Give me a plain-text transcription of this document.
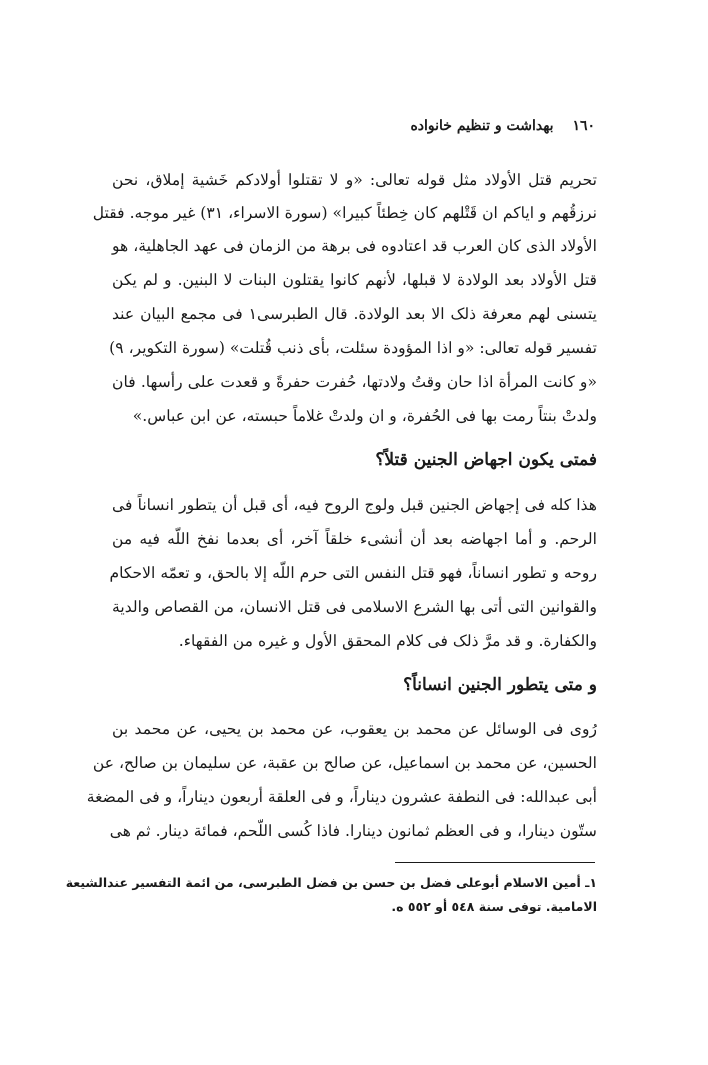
١٦٠ بهداشت و تنظیم خانواده
تحریم قتل الأولاد مثل قوله تعالی: «و لا تقتلوا أولادکم خَشیة إملاق، نحن
نرزقُهم و ایاکم ان قَتْلهم کان خِطئاً کبیرا» (سورة الاسراء، ٣١) غیر موجه. فقتل
الأولاد الذی کان العرب قد اعتادوه فی برهة من الزمان فی عهد الجاهلیة، هو
قتل الأولاد بعد الولادة لا قبلها، لأنهم کانوا یقتلون البنات لا البنین. و لم یکن
یتسنی لهم معرفة ذلک الا بعد الولادة. قال الطبرسی١ فی مجمع البیان عند
تفسیر قوله تعالی: «و اذا المؤودة سئلت، بأی ذنب قُتلت» (سورة التکویر، ٩)
«و کانت المرأة اذا حان وقتُ ولادتها، حُفرت حفرةً و قعدت علی رأسها. فان
ولدتْ بنتاً رمت بها فی الحُفرة، و ان ولدتْ غلاماً حبسته، عن ابن عباس.»
فمتی یکون اجهاض الجنین قتلاً؟
هذا کله فی إجهاض الجنین قبل ولوج الروح فیه، أی قبل أن یتطور انساناً فی
الرحم. و أما اجهاضه بعد أن أنشیء خلقاً آخر، أی بعدما نفخ اللّه فیه من
روحه و تطور انساناً، فهو قتل النفس التی حرم اللّه إلا بالحق، و تعمّه الاحکام
والقوانین التی أتی بها الشرع الاسلامی فی قتل الانسان، من القصاص والدیة
والکفارة. و قد مرَّ ذلک فی کلام المحقق الأول و غیره من الفقهاء.
و متی یتطور الجنین انساناً؟
رُوی فی الوسائل عن محمد بن یعقوب، عن محمد بن یحیی، عن محمد بن
الحسین، عن محمد بن اسماعیل، عن صالح بن عقبة، عن سلیمان بن صالح، عن
أبی عبدالله: فی النطفة عشرون دیناراً، و فی العلقة أربعون دیناراً، و فی المضغة
ستّون دینارا، و فی العظم ثمانون دینارا. فاذا کُسی اللّحم، فمائة دینار. ثم هی
١ـ أمین الاسلام أبوعلی فضل بن حسن بن فضل الطبرسی، من ائمة التفسیر عندالشیعة
الامامیة. توفی سنة ٥٤٨ أو ٥٥٢ ه.
